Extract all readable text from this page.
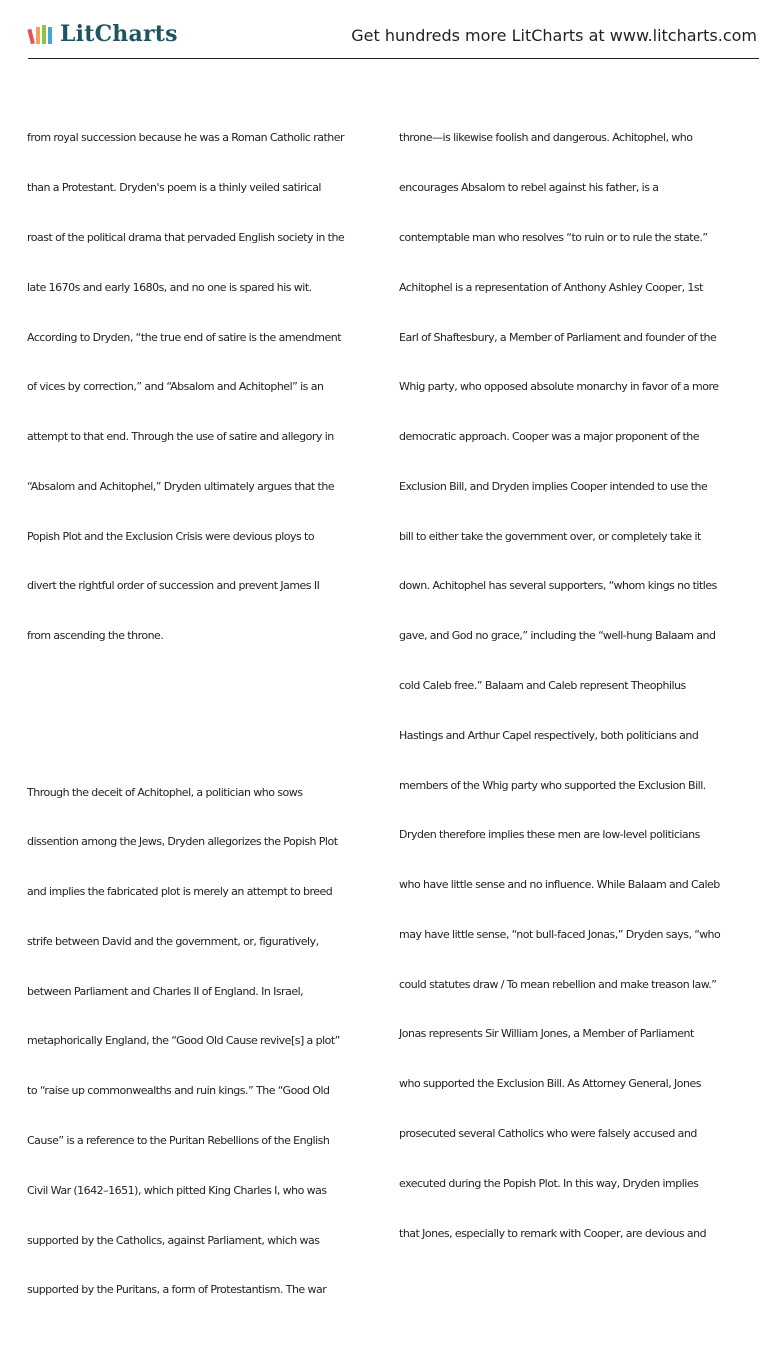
LitCharts	Get hundreds more LitCharts at www.litcharts.com

from royal succession because he was a Roman Catholic rather

than a Protestant. Dryden's poem is a thinly veiled satirical

roast of the political drama that pervaded English society in the

late 1670s and early 1680s, and no one is spared his wit.

According to Dryden, “the true end of satire is the amendment

of vices by correction,” and “Absalom and Achitophel” is an

attempt to that end. Through the use of satire and allegory in

“Absalom and Achitophel,” Dryden ultimately argues that the

Popish Plot and the Exclusion Crisis were devious ploys to

divert the rightful order of succession and prevent James II

from ascending the throne.

Through the deceit of Achitophel, a politician who sows

dissention among the Jews, Dryden allegorizes the Popish Plot

and implies the fabricated plot is merely an attempt to breed

strife between David and the government, or, figuratively,

between Parliament and Charles II of England. In Israel,

metaphorically England, the “Good Old Cause revive[s] a plot”

to “raise up commonwealths and ruin kings.” The “Good Old

Cause” is a reference to the Puritan Rebellions of the English

Civil War (1642–1651), which pitted King Charles I, who was

supported by the Catholics, against Parliament, which was

supported by the Puritans, a form of Protestantism. The war

throne—is likewise foolish and dangerous. Achitophel, who

encourages Absalom to rebel against his father, is a

contemptable man who resolves “to ruin or to rule the state.”

Achitophel is a representation of Anthony Ashley Cooper, 1st

Earl of Shaftesbury, a Member of Parliament and founder of the

Whig party, who opposed absolute monarchy in favor of a more

democratic approach. Cooper was a major proponent of the

Exclusion Bill, and Dryden implies Cooper intended to use the

bill to either take the government over, or completely take it

down. Achitophel has several supporters, “whom kings no titles

gave, and God no grace,” including the “well-hung Balaam and

cold Caleb free.” Balaam and Caleb represent Theophilus

Hastings and Arthur Capel respectively, both politicians and

members of the Whig party who supported the Exclusion Bill.

Dryden therefore implies these men are low-level politicians

who have little sense and no influence. While Balaam and Caleb

may have little sense, “not bull-faced Jonas,” Dryden says, “who

could statutes draw / To mean rebellion and make treason law.”

Jonas represents Sir William Jones, a Member of Parliament

who supported the Exclusion Bill. As Attorney General, Jones

prosecuted several Catholics who were falsely accused and

executed during the Popish Plot. In this way, Dryden implies

that Jones, especially to remark with Cooper, are devious and
